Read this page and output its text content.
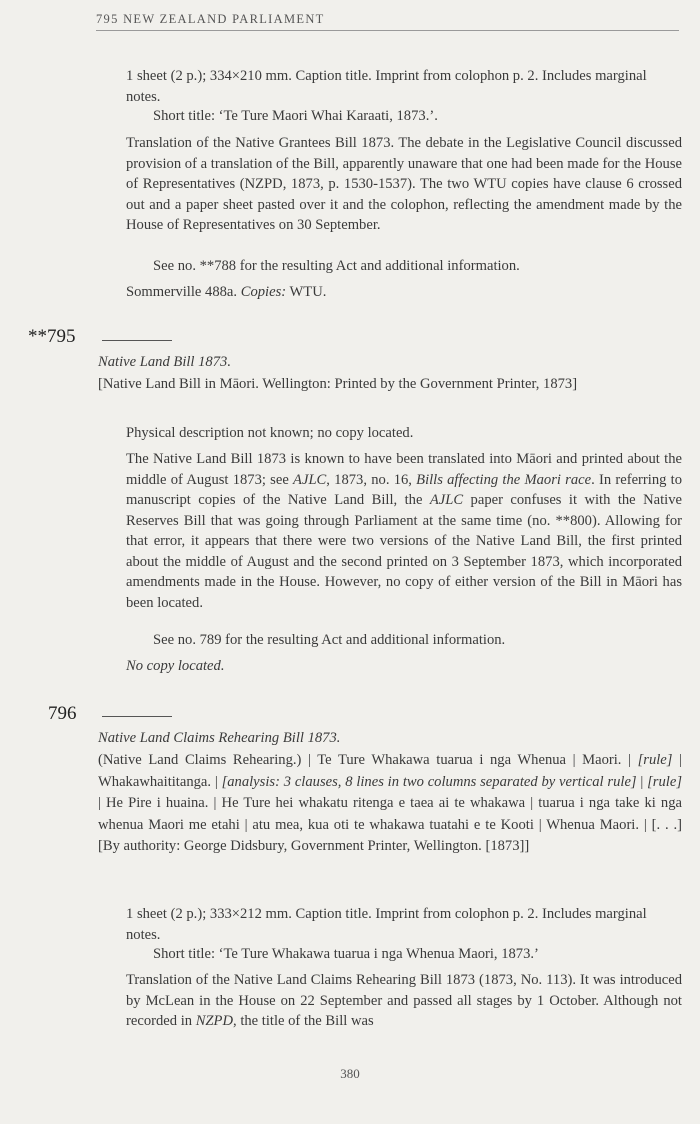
795 NEW ZEALAND PARLIAMENT
1 sheet (2 p.); 334×210 mm. Caption title. Imprint from colophon p. 2. Includes marginal notes.
Short title: ‘Te Ture Maori Whai Karaati, 1873.’.
Translation of the Native Grantees Bill 1873. The debate in the Legislative Council discussed provision of a translation of the Bill, apparently unaware that one had been made for the House of Representatives (NZPD, 1873, p. 1530-1537). The two WTU copies have clause 6 crossed out and a paper sheet pasted over it and the colophon, reflecting the amendment made by the House of Representatives on 30 September.
See no. **788 for the resulting Act and additional information.
Sommerville 488a. Copies: WTU.
**795
Native Land Bill 1873.
[Native Land Bill in Māori. Wellington: Printed by the Government Printer, 1873]
Physical description not known; no copy located.
The Native Land Bill 1873 is known to have been translated into Māori and printed about the middle of August 1873; see AJLC, 1873, no. 16, Bills affecting the Maori race. In referring to manuscript copies of the Native Land Bill, the AJLC paper confuses it with the Native Reserves Bill that was going through Parliament at the same time (no. **800). Allowing for that error, it appears that there were two versions of the Native Land Bill, the first printed about the middle of August and the second printed on 3 September 1873, which incorporated amendments made in the House. However, no copy of either version of the Bill in Māori has been located.
See no. 789 for the resulting Act and additional information.
No copy located.
796
Native Land Claims Rehearing Bill 1873.
(Native Land Claims Rehearing.) | Te Ture Whakawa tuarua i nga Whenua | Maori. | [rule] | Whakawhaititanga. | [analysis: 3 clauses, 8 lines in two columns separated by vertical rule] | [rule] | He Pire i huaina. | He Ture hei whakatu ritenga e taea ai te whakawa | tuarua i nga take ki nga whenua Maori me etahi | atu mea, kua oti te whakawa tuatahi e te Kooti | Whenua Maori. | [. . .] [By authority: George Didsbury, Government Printer, Wellington. [1873]]
1 sheet (2 p.); 333×212 mm. Caption title. Imprint from colophon p. 2. Includes marginal notes.
Short title: ‘Te Ture Whakawa tuarua i nga Whenua Maori, 1873.’
Translation of the Native Land Claims Rehearing Bill 1873 (1873, No. 113). It was introduced by McLean in the House on 22 September and passed all stages by 1 October. Although not recorded in NZPD, the title of the Bill was
380
